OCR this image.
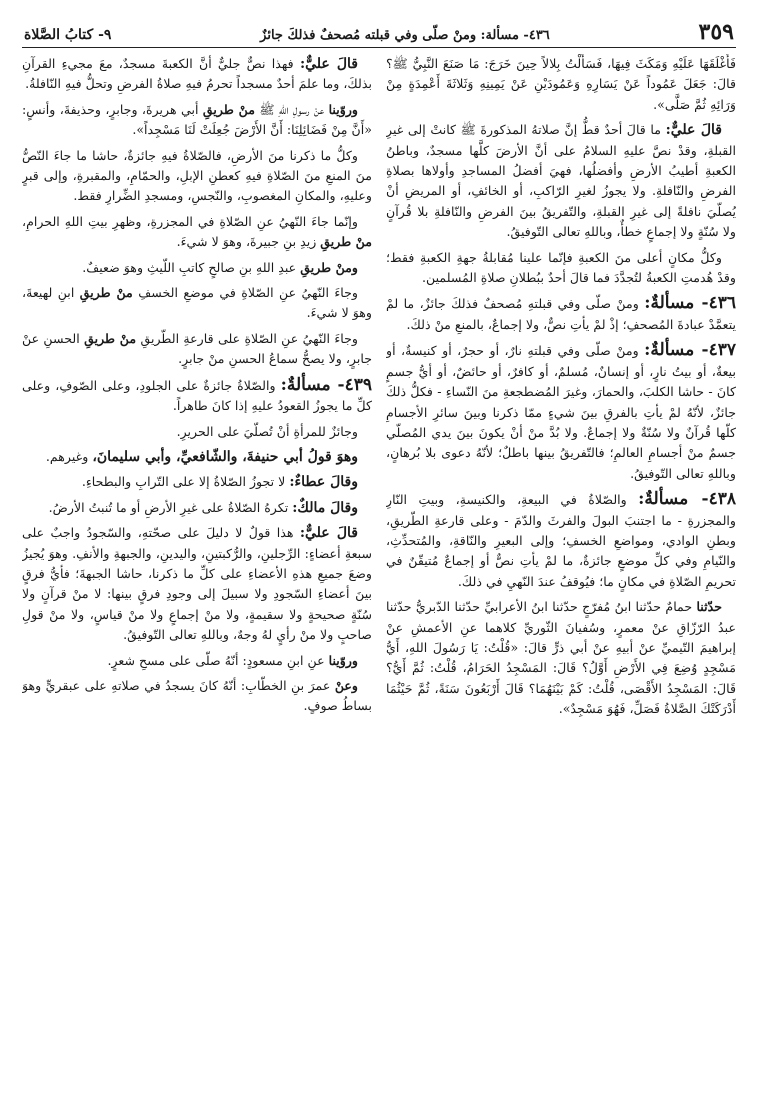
٣٥٩
٤٣٦- مسألة: ومنْ صلّى وفي قبلته مُصحفٌ فذلكَ جائزٌ
٩- كتابُ الصَّلاة

فَأَغْلَقَهَا عَلَيْهِ وَمَكَثَ فِيهَا، فَسَأَلْتُ بِلالاً حِينَ خَرَجَ: مَا صَنَعَ النَّبِيُّ ﷺ؟ قالَ: جَعَلَ عَمُوداً عَنْ يَسَارِهِ وَعَمُودَيْنِ عَنْ يَمِينِهِ وَثَلاثَةَ أَعْمِدَةٍ مِنْ وَرَائِهِ ثُمَّ صَلَّى».

قالَ عليٌّ: ما قالَ أحدٌ قطُّ إنَّ صلاتهُ المذكورةَ ﷺ كانتْ إلى غيرِ القبلةِ، وقدْ نصَّ عليهِ السلامُ على أنَّ الأرضَ كلَّها مسجدٌ، وباطنُ الكعبةِ أطيبُ الأرضِ وأفضلُها، فهيَ أفضلُ المساجدِ وأولاها بصلاةِ الفرضِ والنّافلةِ. ولا يجوزُ لغيرِ الرّاكبِ، أو الخائفِ، أو المريضِ أنْ يُصلّيَ نافلةً إلى غيرِ القبلةِ، والتّفريقُ بينَ الفرضِ والنّافلةِ بلا قُرآنٍ ولا سُنّةٍ ولا إجماعٍ خطأٌ، وباللهِ تعالى التّوفيقُ.

وكلُّ مكانٍ أعلى منَ الكعبةِ فإنّما علينا مُقابلةُ جهةِ الكعبةِ فقط؛ وقدْ هُدمتِ الكعبةُ لتُجدَّدَ فما قالَ أحدٌ ببُطلانِ صلاةِ المُسلمين.

٤٣٦- مسألةٌ: ومنْ صلّى وفي قبلتهِ مُصحفٌ فذلكَ جائزٌ، ما لمْ يتعمَّدْ عبادةَ المُصحفِ؛ إذْ لمْ يأتِ نصٌّ، ولا إجماعٌ، بالمنعِ منْ ذلكَ.

٤٣٧- مسألةٌ: ومنْ صلّى وفي قبلتهِ نارٌ، أو حجرٌ، أو كنيسةٌ، أو بيعةٌ، أو بيتُ نارٍ، أو إنسانٌ، مُسلمٌ، أو كافرٌ، أو حائضٌ، أو أيُّ جسمٍ كانَ - حاشا الكلبَ، والحمارَ، وغيرَ المُضطجعةِ منَ النّساءِ - فكلُّ ذلكَ جائزٌ، لأنّهُ لمْ يأتِ بالفرقِ بينَ شيءٍ ممّا ذكرنا وبينَ سائرِ الأجسامِ كلّها قُرآنٌ ولا سُنّةٌ ولا إجماعٌ. ولا بُدَّ منْ أنْ يكونَ بينَ يدي المُصلّي جسمٌ منْ أجسامِ العالمِ؛ فالتّفريقُ بينها باطلٌ؛ لأنّهُ دعوى بلا بُرهانٍ، وباللهِ تعالى التّوفيقُ.

٤٣٨- مسألةٌ: والصّلاةُ في البيعةِ، والكنيسةِ، وبيتِ النّارِ والمجزرةِ - ما اجتنبَ البولَ والفرثَ والدّمَ - وعلى قارعةِ الطّريقِ، وبطنِ الوادي، ومواضعِ الخسفِ؛ وإلى البعيرِ والنّاقةِ، والمُتحدِّثِ، والنّيامِ وفي كلِّ موضعٍ جائزةٌ، ما لمْ يأتِ نصٌّ أو إجماعٌ مُتيقّنٌ في تحريمِ الصّلاةِ في مكانٍ ما؛ فيُوقفُ عندَ النّهيِ في ذلكَ.

حدّثنا حمامٌ حدّثنا ابنُ مُفرّجٍ حدّثنا ابنُ الأعرابيِّ حدّثنا الدّبريُّ حدّثنا عبدُ الرّزّاقِ عنْ معمرٍ، وسُفيانَ الثّوريِّ كلاهما عنِ الأعمشِ عنْ إبراهيمَ التّيميِّ عنْ أبيهِ عنْ أبي ذرٍّ قالَ: «قُلْتُ: يَا رَسُولَ اللهِ، أَيُّ مَسْجِدٍ وُضِعَ فِي الأَرْضِ أَوَّلُ؟ قَالَ: المَسْجِدُ الحَرَامُ، قُلْتُ: ثُمَّ أَيُّ؟ قَالَ: المَسْجِدُ الأَقْصَى، قُلْتُ: كَمْ بَيْنَهُمَا؟ قَالَ أَرْبَعُونَ سَنَةً، ثُمَّ حَيْثُمَا أَدْرَكَتْكَ الصَّلاةُ فَصَلِّ، فَهُوَ مَسْجِدٌ».

قالَ عليٌّ: فهذا نصٌّ جليٌّ أنَّ الكعبةَ مسجدٌ، معَ مجيءِ القرآنِ بذلكَ، وما علمَ أحدٌ مسجداً تحرمُ فيهِ صلاةُ الفرضِ وتحلُّ فيهِ النّافلةُ.

وروّينا عنْ رسولِ اللهِ ﷺ منْ طريقِ أبي هريرةَ، وجابرٍ، وحذيفةَ، وأنسٍ: «أَنَّ مِنْ فَضَائِلِنَا: أَنَّ الأَرْضَ جُعِلَتْ لَنَا مَسْجِداً».

وكلُّ ما ذكرنا منَ الأرضِ، فالصّلاةُ فيهِ جائزةٌ، حاشا ما جاءَ النّصُّ منَ المنعِ منَ الصّلاةِ فيهِ كعطنِ الإبلِ، والحمّامِ، والمقبرةِ، وإلى قبرٍ وعليهِ، والمكانِ المغصوبِ، والنّجسِ، ومسجدِ الضِّرارِ فقط.

وإنّما جاءَ النّهيُ عنِ الصّلاةِ في المجزرةِ، وظهرِ بيتِ اللهِ الحرامِ، منْ طريقِ زيدِ بنِ جبيرةَ، وهوَ لا شيءَ.

ومنْ طريقِ عبدِ اللهِ بنِ صالحٍ كاتبِ اللّيثِ وهوَ ضعيفٌ.

وجاءَ النّهيُ عنِ الصّلاةِ في موضعِ الخسفِ منْ طريقِ ابنِ لهيعةَ، وهوَ لا شيءَ.

وجاءَ النّهيُ عنِ الصّلاةِ على قارعةِ الطّريقِ منْ طريقِ الحسنِ عنْ جابرٍ، ولا يصحُّ سماعُ الحسنِ منْ جابرٍ.

٤٣٩- مسألةٌ: والصّلاةُ جائزةٌ على الجلودِ، وعلى الصّوفِ، وعلى كلِّ ما يجوزُ القعودُ عليهِ إذا كانَ طاهراً.

وجائزٌ للمرأةِ أنْ تُصلّيَ على الحريرِ.

وهوَ قولُ أبي حنيفةَ، والشّافعيِّ، وأبي سليمانَ، وغيرهم.

وقالَ عطاءٌ: لا تجوزُ الصّلاةُ إلا على التّرابِ والبطحاءِ.

وقالَ مالكٌ: تكرهُ الصّلاةُ على غيرِ الأرضِ أو ما تُنبتُ الأرضُ.

قالَ عليٌّ: هذا قولٌ لا دليلَ على صحّتهِ، والسّجودُ واجبٌ على سبعةِ أعضاءٍ: الرِّجلينِ، والرُّكبتينِ، واليدينِ، والجبهةِ والأنفِ. وهوَ يُجيزُ وضعَ جميعِ هذهِ الأعضاءِ على كلِّ ما ذكرنا، حاشا الجبهةَ؛ فأيُّ فرقٍ بينَ أعضاءِ السّجودِ ولا سبيلَ إلى وجودِ فرقٍ بينها: لا منْ قرآنٍ ولا سُنّةٍ صحيحةٍ ولا سقيمةٍ، ولا منْ إجماعٍ ولا منْ قياسٍ، ولا منْ قولِ صاحبٍ ولا منْ رأيٍ لهُ وجهٌ، وباللهِ تعالى التّوفيقُ.

وروّينا عنِ ابنِ مسعودٍ: أنّهُ صلّى على مسحِ شعرٍ.

وعنْ عمرَ بنِ الخطّابِ: أنّهُ كانَ يسجدُ في صلاتهِ على عبقريٍّ وهوَ بساطُ صوفٍ.
